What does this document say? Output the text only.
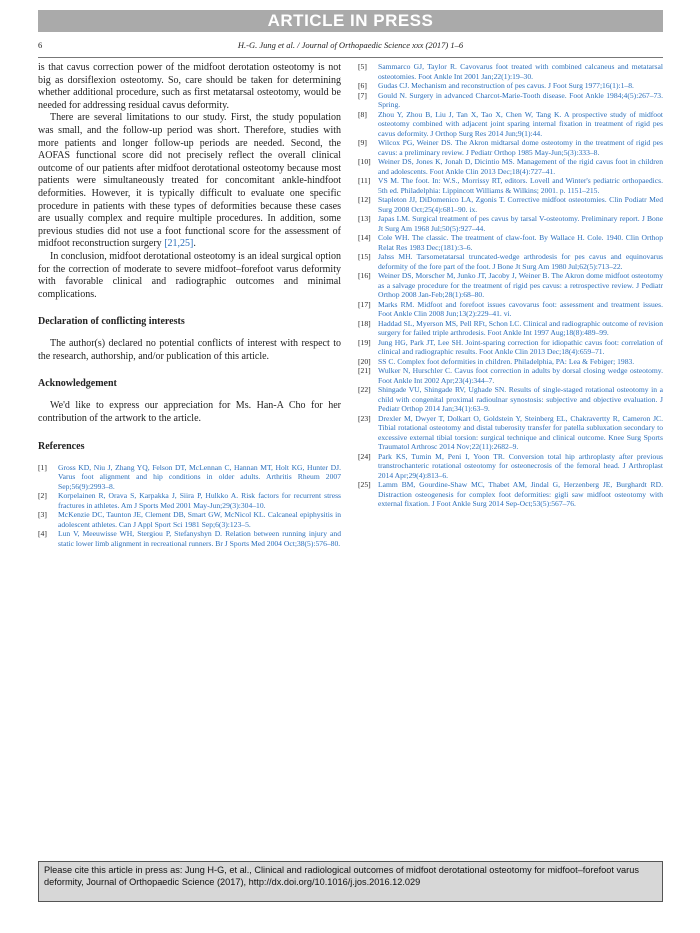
ARTICLE IN PRESS
6	H.-G. Jung et al. / Journal of Orthopaedic Science xxx (2017) 1–6

is that cavus correction power of the midfoot derotation osteotomy is not big as dorsiflexion osteotomy. So, care should be taken for determining whether additional procedure, such as first metatarsal osteotomy, would be needed for addressing residual cavus deformity.

There are several limitations to our study. First, the study population was small, and the follow-up period was short. Therefore, studies with more patients and longer follow-up periods are needed. Second, the AOFAS functional score did not precisely reflect the overall clinical outcome of our patients after midfoot derotational osteotomy because most patients were simultaneously treated for concomitant ankle-hindfoot deformities. However, it is typically difficult to evaluate one specific procedure in patients with these types of deformities because these cases are usually complex and require multiple procedures. In addition, some previous studies did not use a foot functional score for the assessment of midfoot reconstruction surgery [21,25].

In conclusion, midfoot derotational osteotomy is an ideal surgical option for the correction of moderate to severe midfoot–forefoot varus deformity with favorable clinical and radiographic outcomes and minimal complications.

Declaration of conflicting interests

The author(s) declared no potential conflicts of interest with respect to the research, authorship, and/or publication of this article.

Acknowledgement

We'd like to express our appreciation for Ms. Han-A Cho for her contribution of the artwork to the article.

References
[1]	Gross KD, Niu J, Zhang YQ, Felson DT, McLennan C, Hannan MT, Holt KG, Hunter DJ. Varus foot alignment and hip conditions in older adults. Arthritis Rheum 2007 Sep;56(9):2993–8.
[2]	Korpelainen R, Orava S, Karpakka J, Siira P, Hulkko A. Risk factors for recurrent stress fractures in athletes. Am J Sports Med 2001 May-Jun;29(3):304–10.
[3]	McKenzie DC, Taunton JE, Clement DB, Smart GW, McNicol KL. Calcaneal epiphysitis in adolescent athletes. Can J Appl Sport Sci 1981 Sep;6(3):123–5.
[4]	Lun V, Meeuwisse WH, Stergiou P, Stefanyshyn D. Relation between running injury and static lower limb alignment in recreational runners. Br J Sports Med 2004 Oct;38(5):576–80.
[5]	Sammarco GJ, Taylor R. Cavovarus foot treated with combined calcaneus and metatarsal osteotomies. Foot Ankle Int 2001 Jan;22(1):19–30.
[6]	Gudas CJ. Mechanism and reconstruction of pes cavus. J Foot Surg 1977;16(1):1–8.
[7]	Gould N. Surgery in advanced Charcot-Marie-Tooth disease. Foot Ankle 1984;4(5):267–73. Spring.
[8]	Zhou Y, Zhou B, Liu J, Tan X, Tao X, Chen W, Tang K. A prospective study of midfoot osteotomy combined with adjacent joint sparing internal fixation in treatment of rigid pes cavus deformity. J Orthop Surg Res 2014 Jun;9(1):44.
[9]	Wilcox PG, Weiner DS. The Akron midtarsal dome osteotomy in the treatment of rigid pes cavus: a preliminary review. J Pediatr Orthop 1985 May-Jun;5(3):333–8.
[10] Weiner DS, Jones K, Jonah D, Dicintio MS. Management of the rigid cavus foot in children and adolescents. Foot Ankle Clin 2013 Dec;18(4):727–41.
[11]	VS M. The foot. In: W.S., Morrissy RT, editors. Lovell and Winter's pediatric orthopaedics. 5th ed. Philadelphia: Lippincott Williams & Wilkins; 2001. p. 1151–215.
[12] Stapleton JJ, DiDomenico LA, Zgonis T. Corrective midfoot osteotomies. Clin Podiatr Med Surg 2008 Oct;25(4):681–90. ix.
[13] Japas LM. Surgical treatment of pes cavus by tarsal V-osteotomy. Preliminary report. J Bone Jt Surg Am 1968 Jul;50(5):927–44.
[14] Cole WH. The classic. The treatment of claw-foot. By Wallace H. Cole. 1940. Clin Orthop Relat Res 1983 Dec;(181):3–6.
[15] Jahss MH. Tarsometatarsal truncated-wedge arthrodesis for pes cavus and equinovarus deformity of the fore part of the foot. J Bone Jt Surg Am 1980 Jul;62(5):713–22.
[16] Weiner DS, Morscher M, Junko JT, Jacoby J, Weiner B. The Akron dome midfoot osteotomy as a salvage procedure for the treatment of rigid pes cavus: a retrospective review. J Pediatr Orthop 2008 Jan-Feb;28(1):68–80.
[17] Marks RM. Midfoot and forefoot issues cavovarus foot: assessment and treatment issues. Foot Ankle Clin 2008 Jun;13(2):229–41. vi.
[18] Haddad SL, Myerson MS, Pell RFt, Schon LC. Clinical and radiographic outcome of revision surgery for failed triple arthrodesis. Foot Ankle Int 1997 Aug;18(8):489–99.
[19] Jung HG, Park JT, Lee SH. Joint-sparing correction for idiopathic cavus foot: correlation of clinical and radiographic results. Foot Ankle Clin 2013 Dec;18(4):659–71.
[20] SS C. Complex foot deformities in children. Philadelphia, PA: Lea & Febiger; 1983.
[21] Wulker N, Hurschler C. Cavus foot correction in adults by dorsal closing wedge osteotomy. Foot Ankle Int 2002 Apr;23(4):344–7.
[22] Shingade VU, Shingade RV, Ughade SN. Results of single-staged rotational osteotomy in a child with congenital proximal radioulnar synostosis: subjective and objective evaluation. J Pediatr Orthop 2014 Jan;34(1):63–9.
[23] Drexler M, Dwyer T, Dolkart O, Goldstein Y, Steinberg EL, Chakravertty R, Cameron JC. Tibial rotational osteotomy and distal tuberosity transfer for patella subluxation secondary to excessive external tibial torsion: surgical technique and clinical outcome. Knee Surg Sports Traumatol Arthrosc 2014 Nov;22(11):2682–9.
[24] Park KS, Tumin M, Peni I, Yoon TR. Conversion total hip arthroplasty after previous transtrochanteric rotational osteotomy for osteonecrosis of the femoral head. J Arthroplast 2014 Apr;29(4):813–6.
[25] Lamm BM, Gourdine-Shaw MC, Thabet AM, Jindal G, Herzenberg JE, Burghardt RD. Distraction osteogenesis for complex foot deformities: gigli saw midfoot osteotomy with external fixation. J Foot Ankle Surg 2014 Sep-Oct;53(5):567–76.
Please cite this article in press as: Jung H-G, et al., Clinical and radiological outcomes of midfoot derotational osteotomy for midfoot–forefoot varus deformity, Journal of Orthopaedic Science (2017), http://dx.doi.org/10.1016/j.jos.2016.12.029
